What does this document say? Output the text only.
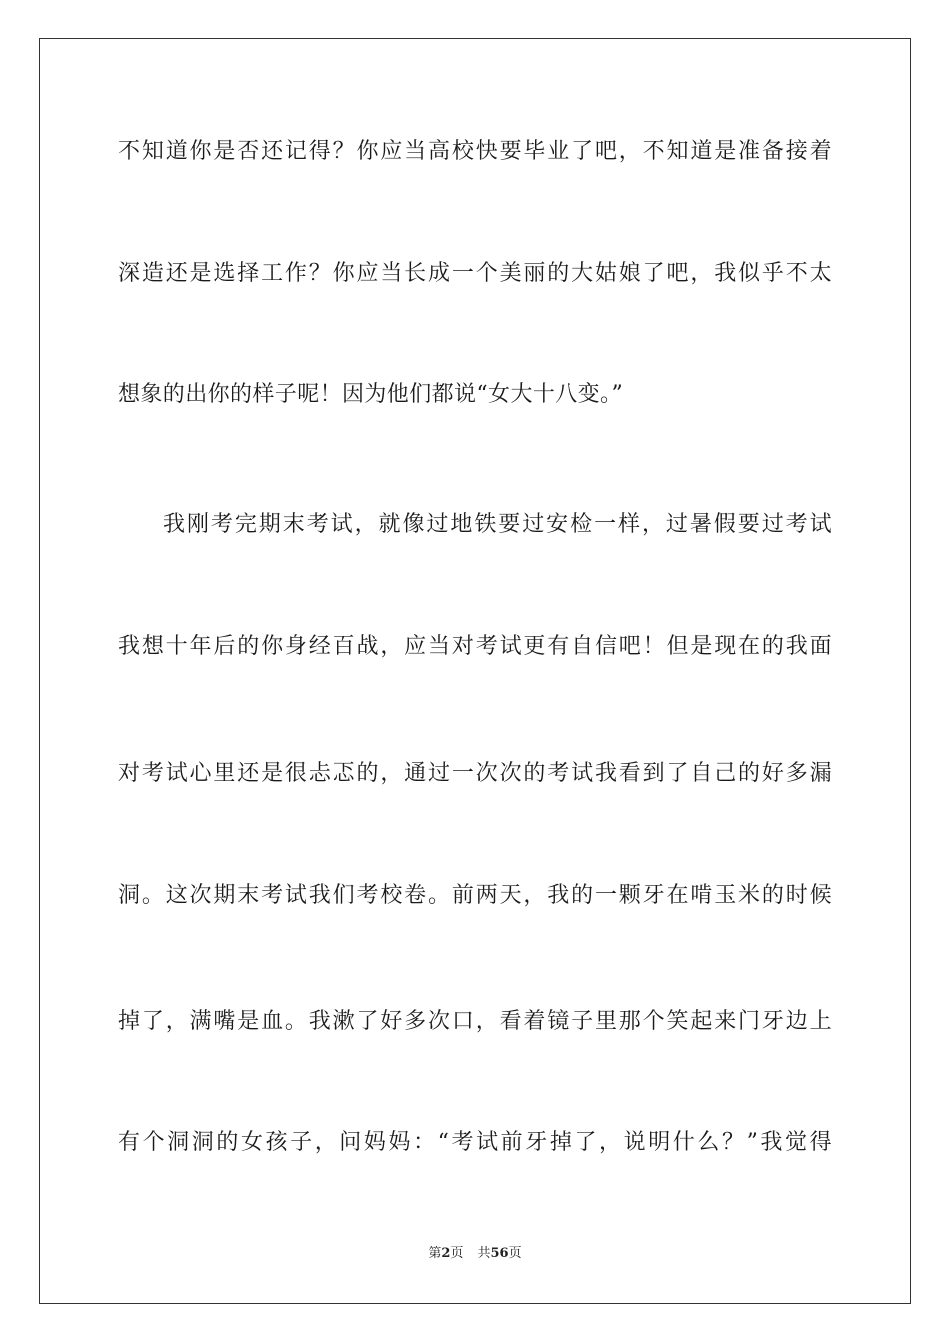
不知道你是否还记得？你应当高校快要毕业了吧，不知道是准备接着
深造还是选择工作？你应当长成一个美丽的大姑娘了吧，我似乎不太
想象的出你的样子呢！因为他们都说“女大十八变。”
我刚考完期末考试，就像过地铁要过安检一样，过暑假要过考试
我想十年后的你身经百战，应当对考试更有自信吧！但是现在的我面
对考试心里还是很忐忑的，通过一次次的考试我看到了自己的好多漏
洞。这次期末考试我们考校卷。前两天，我的一颗牙在啃玉米的时候
掉了，满嘴是血。我漱了好多次口，看着镜子里那个笑起来门牙边上
有个洞洞的女孩子，问妈妈：“考试前牙掉了，说明什么？”我觉得
第2页 共56页
